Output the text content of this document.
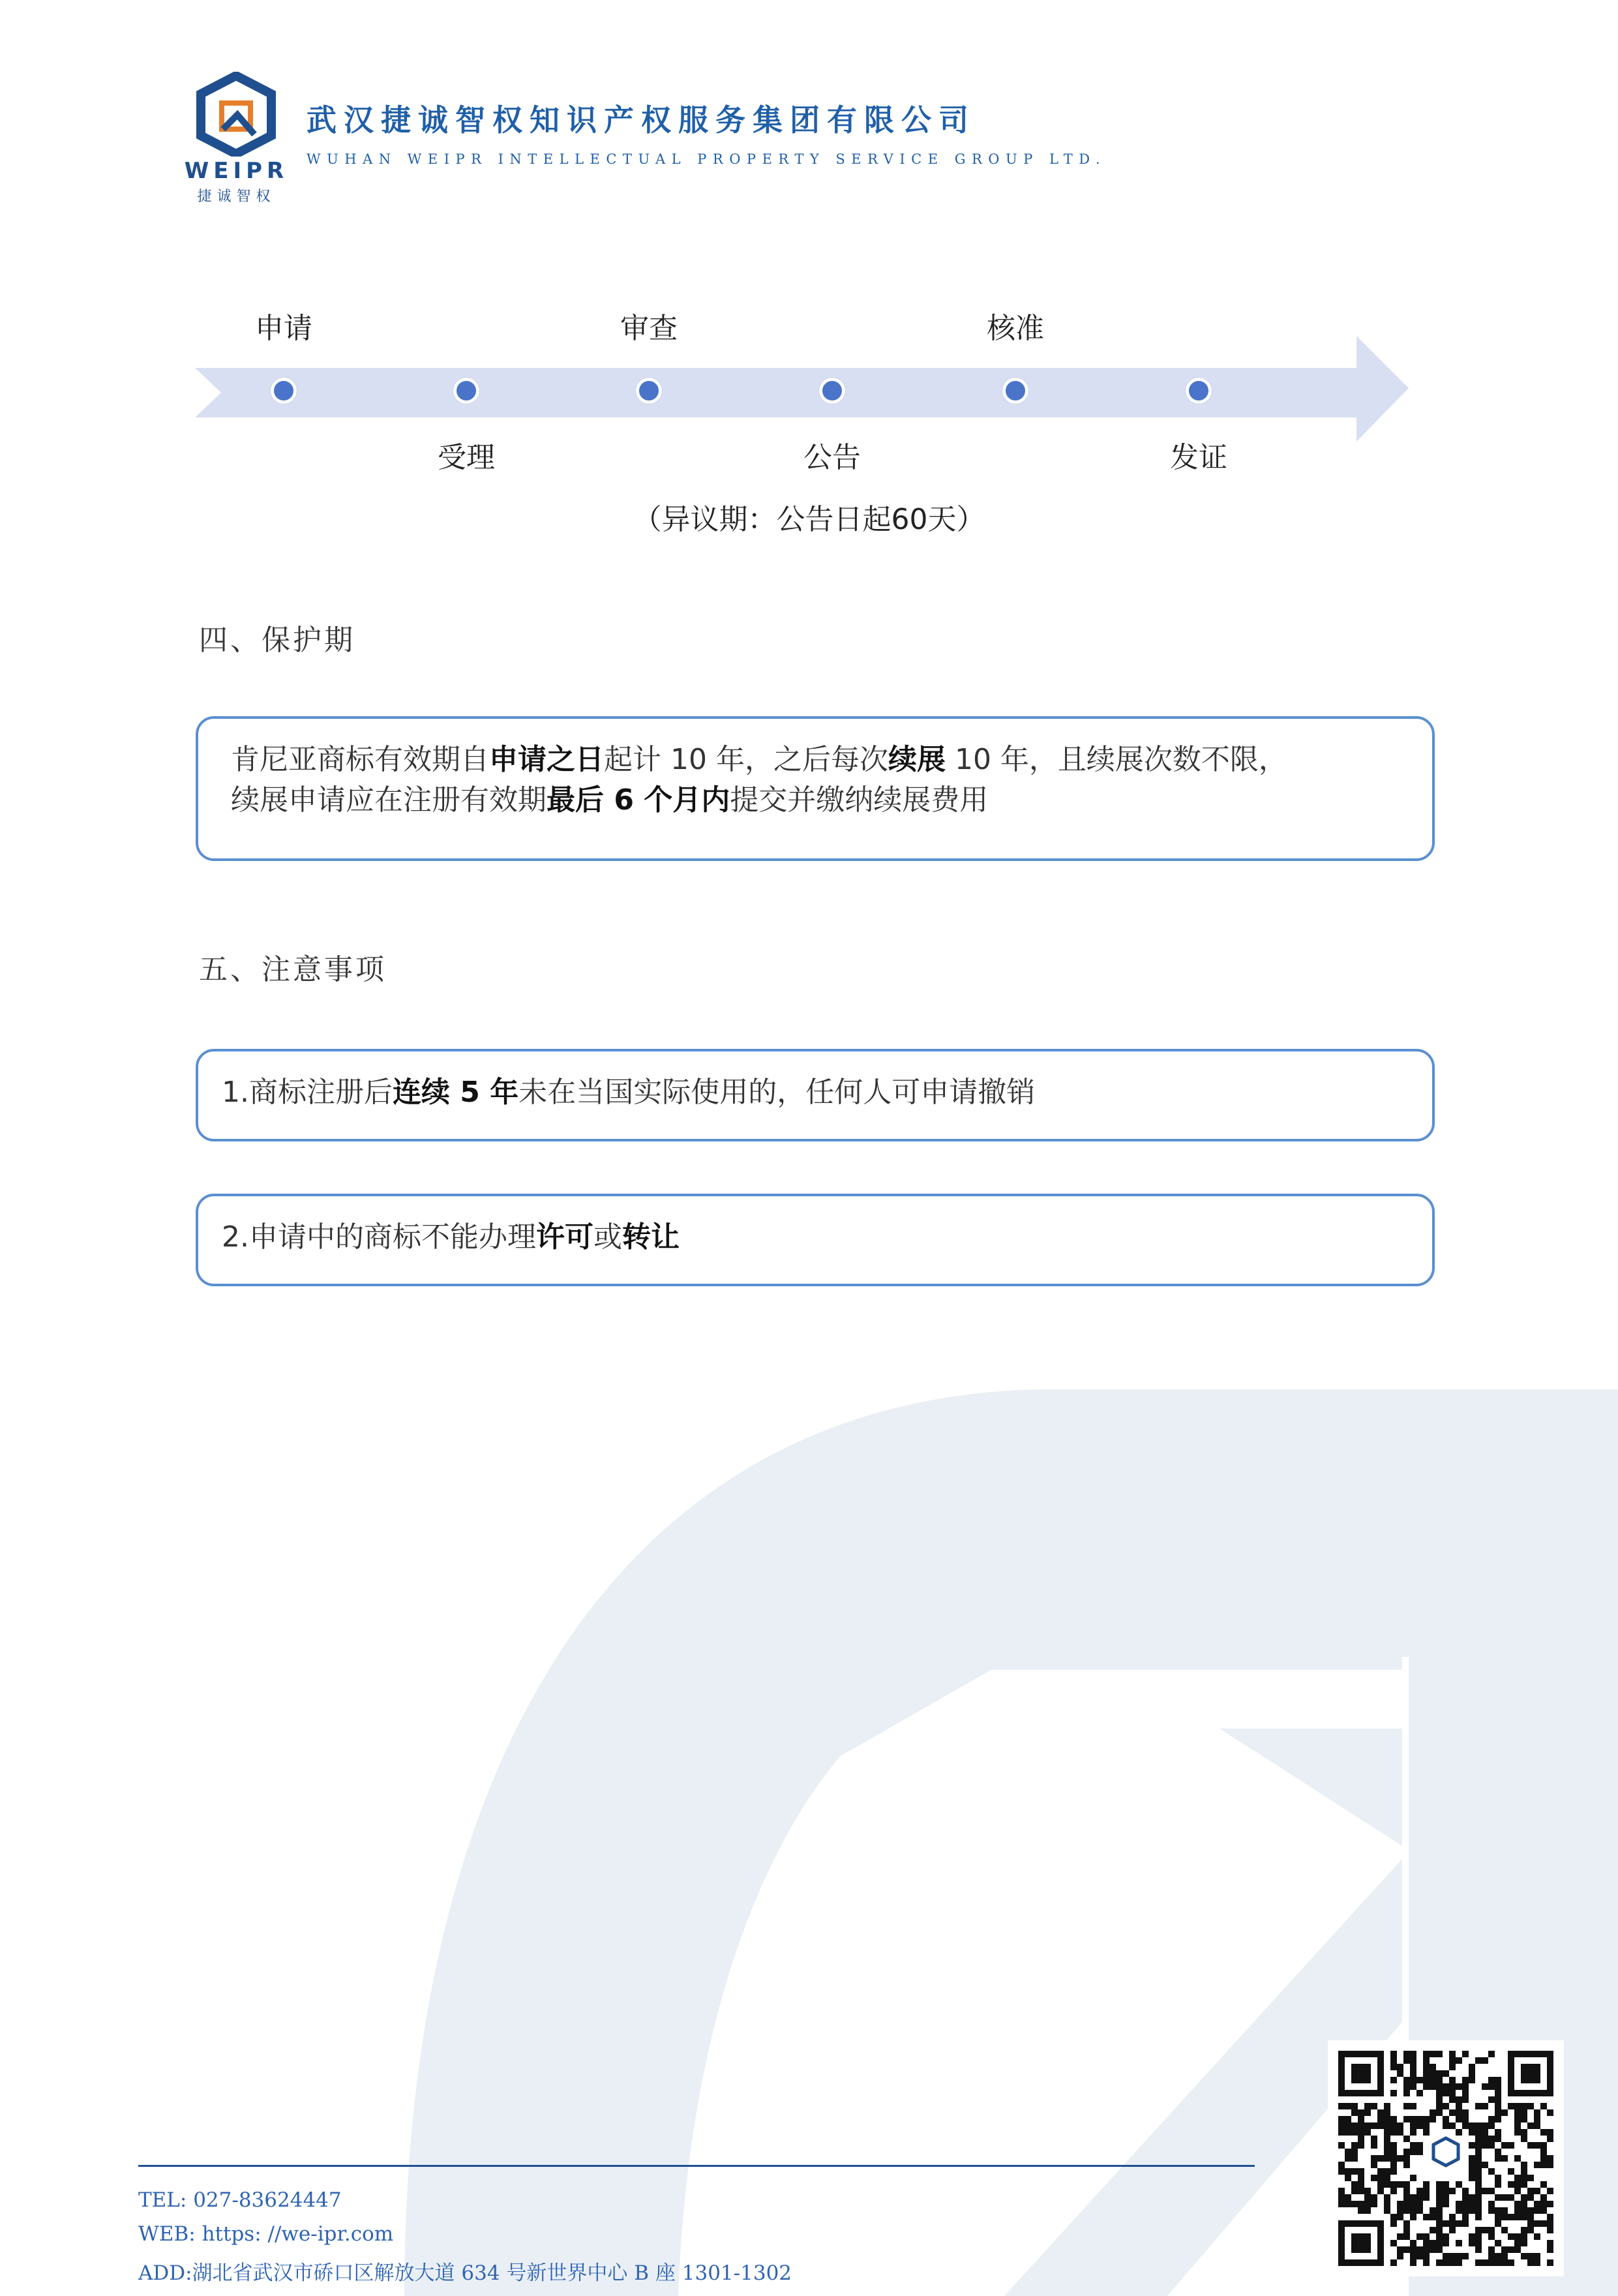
WEIPR
捷诚智权
武汉捷诚智权知识产权服务集团有限公司
WUHAN WEIPR INTELLECTUAL PROPERTY SERVICE GROUP LTD.
申请	审查	核准
受理	公告	发证
（异议期：公告日起60天）
四、保护期
肯尼亚商标有效期自申请之日起计 10 年，之后每次续展 10 年，且续展次数不限，
续展申请应在注册有效期最后 6 个月内提交并缴纳续展费用
五、注意事项
1.商标注册后连续 5 年未在当国实际使用的，任何人可申请撤销
2.申请中的商标不能办理许可或转让
TEL: 027-83624447
WEB: https: //we-ipr.com
ADD:湖北省武汉市硚口区解放大道 634 号新世界中心 B 座 1301-1302
